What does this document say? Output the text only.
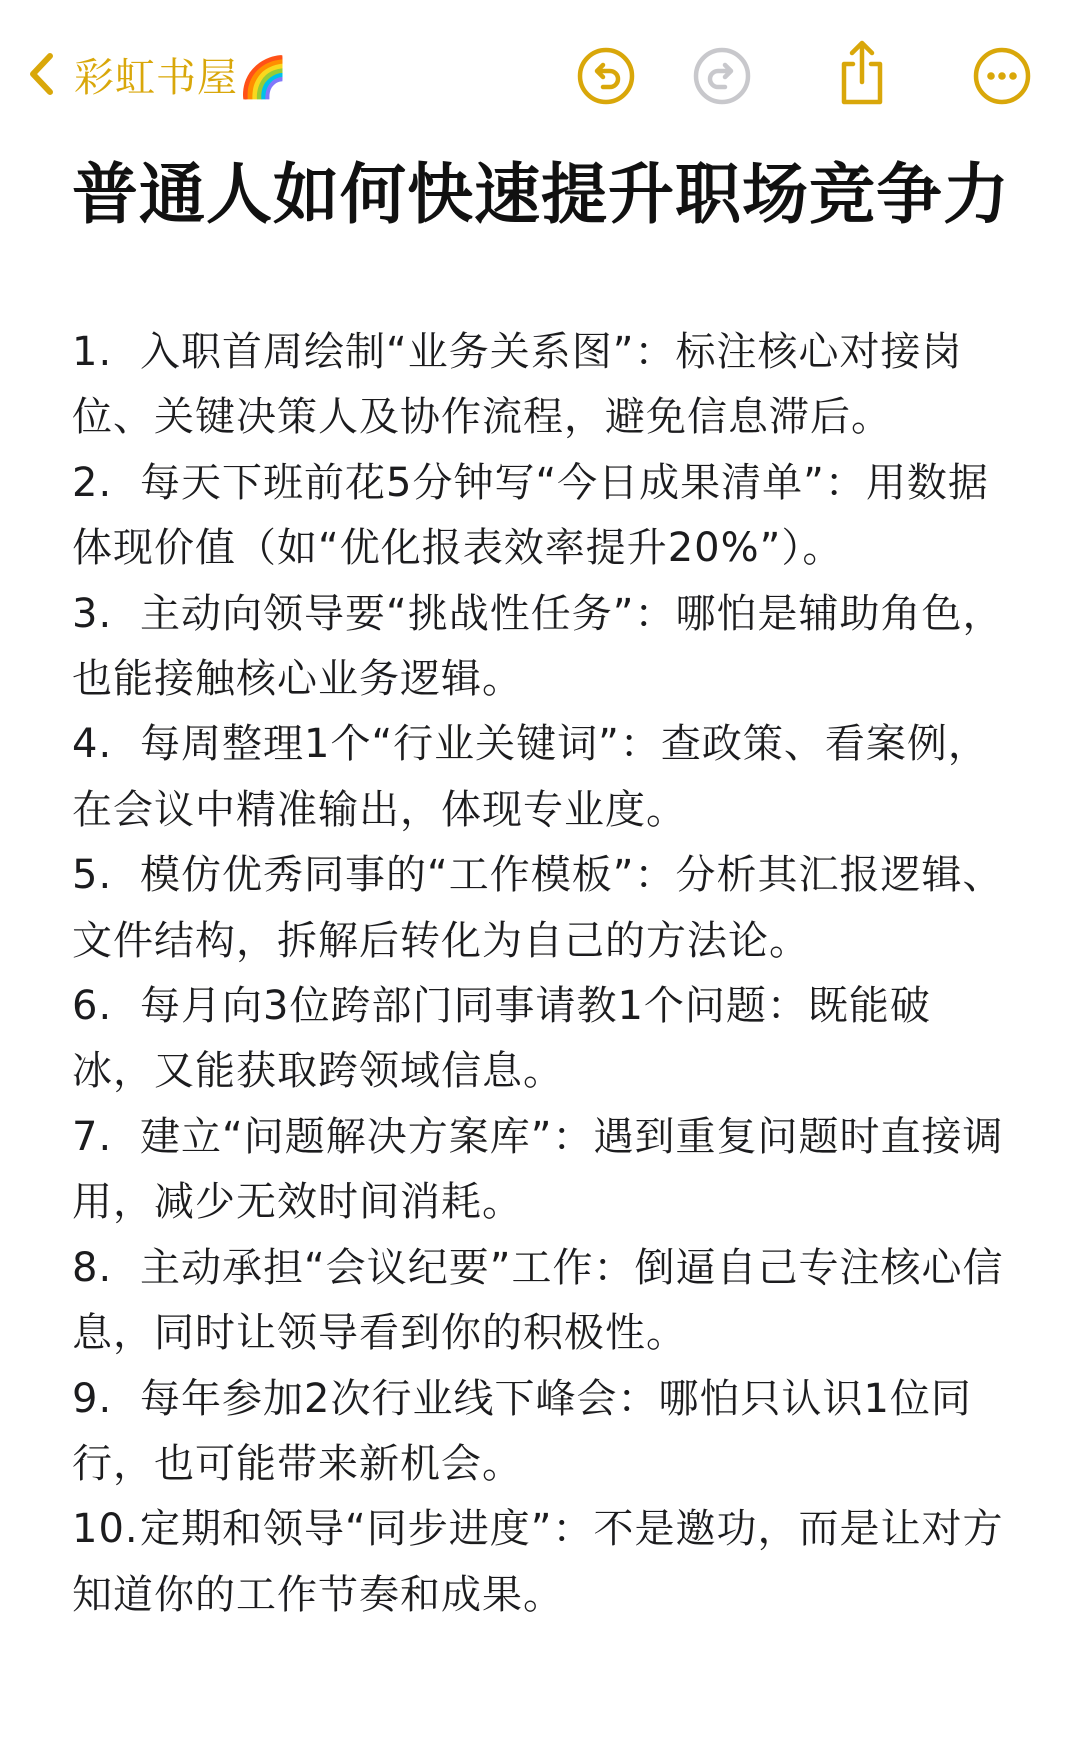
彩虹书屋🌈
普通人如何快速提升职场竞争力
1. 入职首周绘制“业务关系图”：标注核心对接岗位、关键决策人及协作流程，避免信息滞后。
2. 每天下班前花5分钟写“今日成果清单”：用数据体现价值（如“优化报表效率提升20%”）。
3. 主动向领导要“挑战性任务”：哪怕是辅助角色，也能接触核心业务逻辑。
4. 每周整理1个“行业关键词”：查政策、看案例，在会议中精准输出，体现专业度。
5. 模仿优秀同事的“工作模板”：分析其汇报逻辑、文件结构，拆解后转化为自己的方法论。
6. 每月向3位跨部门同事请教1个问题：既能破冰，又能获取跨领域信息。
7. 建立“问题解决方案库”：遇到重复问题时直接调用，减少无效时间消耗。
8. 主动承担“会议纪要”工作：倒逼自己专注核心信息，同时让领导看到你的积极性。
9. 每年参加2次行业线下峰会：哪怕只认识1位同行，也可能带来新机会。
10.定期和领导“同步进度”：不是邀功，而是让对方知道你的工作节奏和成果。
